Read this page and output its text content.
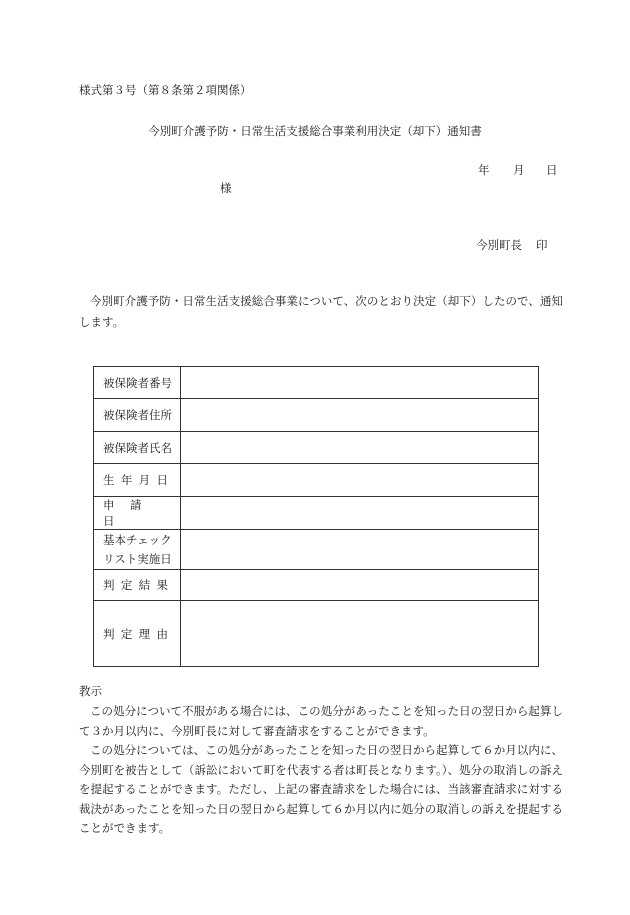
様式第３号（第８条第２項関係）
今別町介護予防・日常生活支援総合事業利用決定（却下）通知書
年 月 日
様
今別町長 印

今別町介護予防・日常生活支援総合事業について、次のとおり決定（却下）したので、通知します。

被保険者番号	
被保険者住所	
被保険者氏名	
生年月日	
申請日	
基本チェック
リスト実施日	
判定結果	
判定理由	
教示

この処分について不服がある場合には、この処分があったことを知った日の翌日から起算して３か月以内に、今別町長に対して審査請求をすることができます。

この処分については、この処分があったことを知った日の翌日から起算して６か月以内に、今別町を被告として（訴訟において町を代表する者は町長となります。）、処分の取消しの訴えを提起することができます。ただし、上記の審査請求をした場合には、当該審査請求に対する裁決があったことを知った日の翌日から起算して６か月以内に処分の取消しの訴えを提起することができます。
